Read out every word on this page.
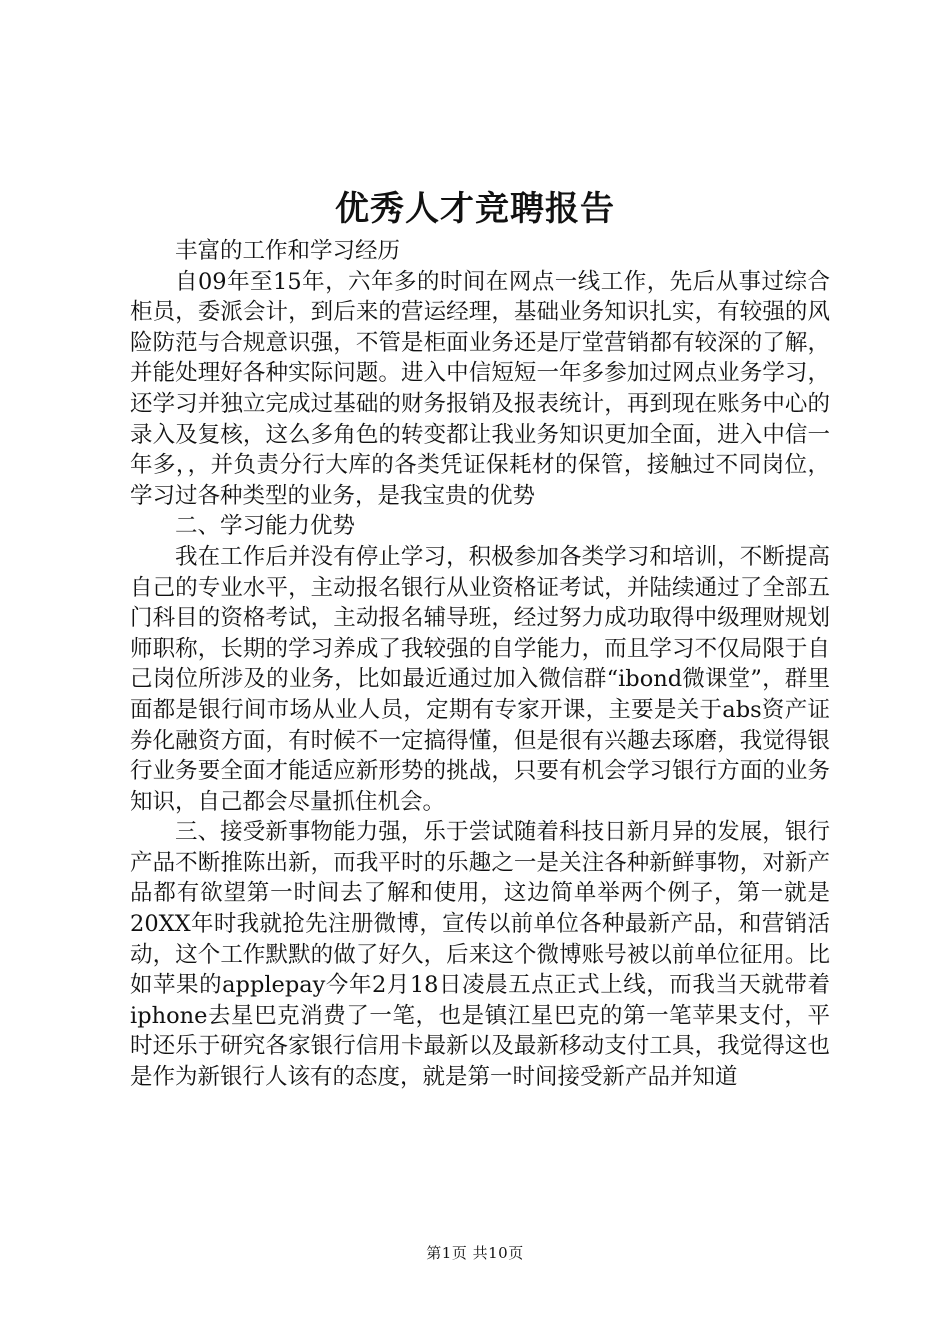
优秀人才竞聘报告

丰富的工作和学习经历

自09年至15年，六年多的时间在网点一线工作，先后从事过综合柜员，委派会计，到后来的营运经理，基础业务知识扎实，有较强的风险防范与合规意识强，不管是柜面业务还是厅堂营销都有较深的了解，并能处理好各种实际问题。进入中信短短一年多参加过网点业务学习，还学习并独立完成过基础的财务报销及报表统计，再到现在账务中心的录入及复核，这么多角色的转变都让我业务知识更加全面，进入中信一年多，，并负责分行大库的各类凭证保耗材的保管，接触过不同岗位，学习过各种类型的业务，是我宝贵的优势

二、学习能力优势

我在工作后并没有停止学习，积极参加各类学习和培训，不断提高自己的专业水平，主动报名银行从业资格证考试，并陆续通过了全部五门科目的资格考试，主动报名辅导班，经过努力成功取得中级理财规划师职称，长期的学习养成了我较强的自学能力，而且学习不仅局限于自己岗位所涉及的业务，比如最近通过加入微信群“ibond微课堂”，群里面都是银行间市场从业人员，定期有专家开课，主要是关于abs资产证券化融资方面，有时候不一定搞得懂，但是很有兴趣去琢磨，我觉得银行业务要全面才能适应新形势的挑战，只要有机会学习银行方面的业务知识，自己都会尽量抓住机会。

三、接受新事物能力强，乐于尝试随着科技日新月异的发展，银行产品不断推陈出新，而我平时的乐趣之一是关注各种新鲜事物，对新产品都有欲望第一时间去了解和使用，这边简单举两个例子，第一就是20XX年时我就抢先注册微博，宣传以前单位各种最新产品，和营销活动，这个工作默默的做了好久，后来这个微博账号被以前单位征用。比如苹果的applepay今年2月18日凌晨五点正式上线，而我当天就带着iphone去星巴克消费了一笔，也是镇江星巴克的第一笔苹果支付，平时还乐于研究各家银行信用卡最新以及最新移动支付工具，我觉得这也是作为新银行人该有的态度，就是第一时间接受新产品并知道

第1页 共10页
